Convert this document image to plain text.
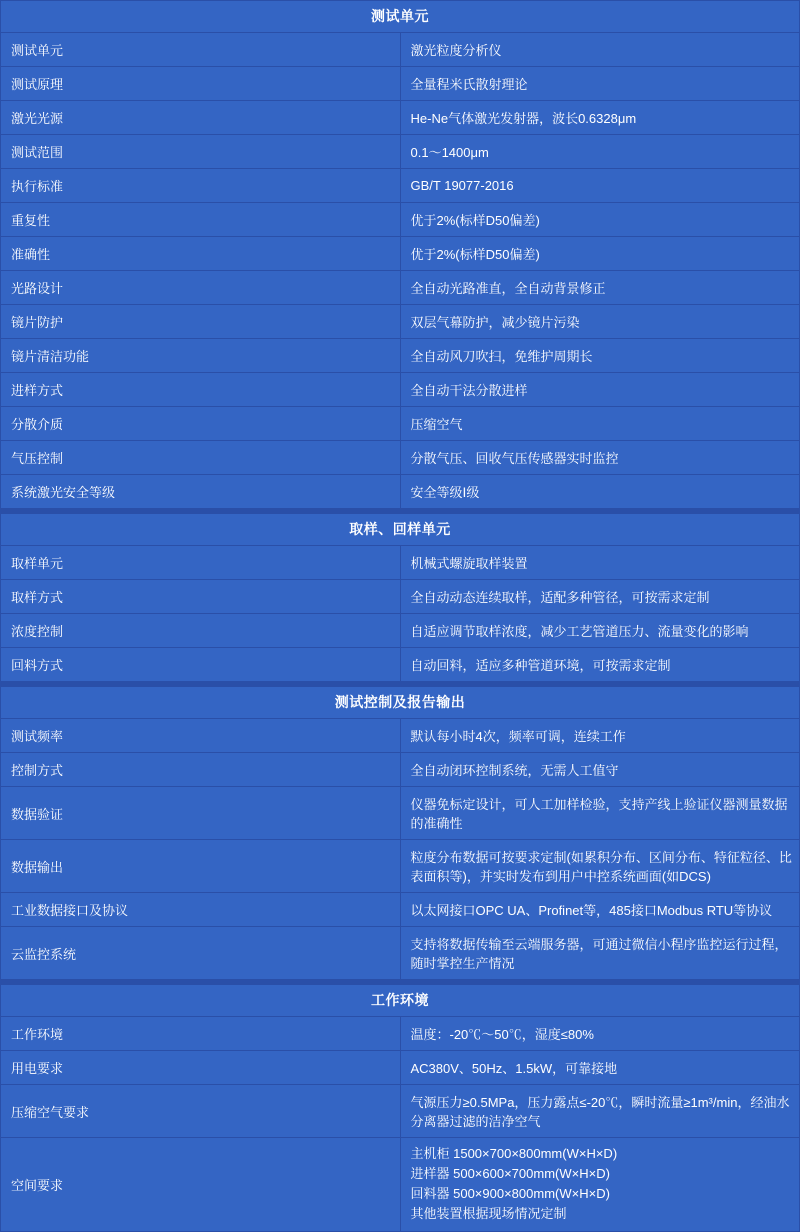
测试单元	
测试单元	激光粒度分析仪
测试原理	全量程米氏散射理论
激光光源	He-Ne气体激光发射器，波长0.6328μm
测试范围	0.1～1400μm
执行标准	GB/T 19077-2016
重复性	优于2%(标样D50偏差)
准确性	优于2%(标样D50偏差)
光路设计	全自动光路准直，全自动背景修正
镜片防护	双层气幕防护，减少镜片污染
镜片清洁功能	全自动风刀吹扫，免维护周期长
进样方式	全自动干法分散进样
分散介质	压缩空气
气压控制	分散气压、回收气压传感器实时监控
系统激光安全等级	安全等级Ⅰ级

取样、回样单元	
取样单元	机械式螺旋取样装置
取样方式	全自动动态连续取样，适配多种管径，可按需求定制
浓度控制	自适应调节取样浓度，减少工艺管道压力、流量变化的影响
回料方式	自动回料，适应多种管道环境，可按需求定制

测试控制及报告输出	
测试频率	默认每小时4次，频率可调，连续工作
控制方式	全自动闭环控制系统，无需人工值守
数据验证	仪器免标定设计，可人工加样检验，支持产线上验证仪器测量数据的准确性
数据输出	粒度分布数据可按要求定制(如累积分布、区间分布、特征粒径、比表面积等)，并实时发布到用户中控系统画面(如DCS)
工业数据接口及协议	以太网接口OPC UA、Profinet等，485接口Modbus RTU等协议
云监控系统	支持将数据传输至云端服务器，可通过微信小程序监控运行过程，随时掌控生产情况

工作环境	
工作环境	温度：-20℃～50℃，湿度≤80%
用电要求	AC380V、50Hz、1.5kW，可靠接地
压缩空气要求	气源压力≥0.5MPa，压力露点≤-20℃，瞬时流量≥1m³/min，经油水分离器过滤的洁净空气
空间要求	主机柜 1500×700×800mm(W×H×D)
进样器 500×600×700mm(W×H×D)
回料器 500×900×800mm(W×H×D)
其他装置根据现场情况定制
